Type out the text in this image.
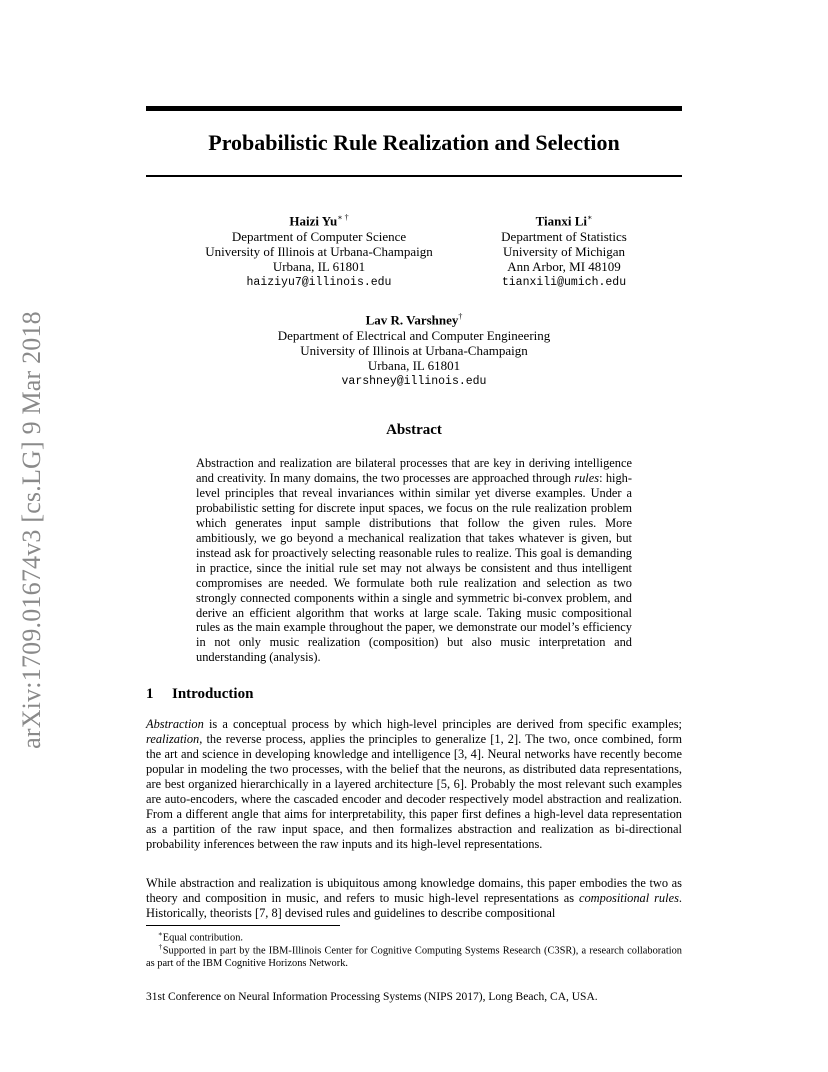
arXiv:1709.01674v3 [cs.LG] 9 Mar 2018
Probabilistic Rule Realization and Selection
Haizi Yu∗ †
Department of Computer Science
University of Illinois at Urbana-Champaign
Urbana, IL 61801
haiziyu7@illinois.edu
Tianxi Li∗
Department of Statistics
University of Michigan
Ann Arbor, MI 48109
tianxili@umich.edu
Lav R. Varshney†
Department of Electrical and Computer Engineering
University of Illinois at Urbana-Champaign
Urbana, IL 61801
varshney@illinois.edu
Abstract
Abstraction and realization are bilateral processes that are key in deriving intelligence and creativity. In many domains, the two processes are approached through rules: high-level principles that reveal invariances within similar yet diverse examples. Under a probabilistic setting for discrete input spaces, we focus on the rule realization problem which generates input sample distributions that follow the given rules. More ambitiously, we go beyond a mechanical realization that takes whatever is given, but instead ask for proactively selecting reasonable rules to realize. This goal is demanding in practice, since the initial rule set may not always be consistent and thus intelligent compromises are needed. We formulate both rule realization and selection as two strongly connected components within a single and symmetric bi-convex problem, and derive an efficient algorithm that works at large scale. Taking music compositional rules as the main example throughout the paper, we demonstrate our model’s efficiency in not only music realization (composition) but also music interpretation and understanding (analysis).
1 Introduction
Abstraction is a conceptual process by which high-level principles are derived from specific examples; realization, the reverse process, applies the principles to generalize [1, 2]. The two, once combined, form the art and science in developing knowledge and intelligence [3, 4]. Neural networks have recently become popular in modeling the two processes, with the belief that the neurons, as distributed data representations, are best organized hierarchically in a layered architecture [5, 6]. Probably the most relevant such examples are auto-encoders, where the cascaded encoder and decoder respectively model abstraction and realization. From a different angle that aims for interpretability, this paper first defines a high-level data representation as a partition of the raw input space, and then formalizes abstraction and realization as bi-directional probability inferences between the raw inputs and its high-level representations.
While abstraction and realization is ubiquitous among knowledge domains, this paper embodies the two as theory and composition in music, and refers to music high-level representations as compositional rules. Historically, theorists [7, 8] devised rules and guidelines to describe compositional
∗Equal contribution.
†Supported in part by the IBM-Illinois Center for Cognitive Computing Systems Research (C3SR), a research collaboration as part of the IBM Cognitive Horizons Network.
31st Conference on Neural Information Processing Systems (NIPS 2017), Long Beach, CA, USA.
